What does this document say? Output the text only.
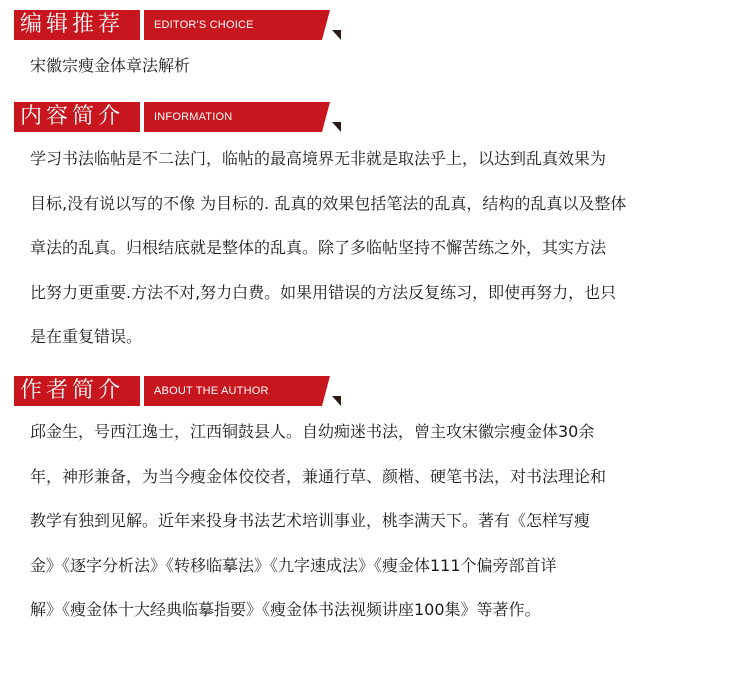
编辑推荐	EDITOR'S CHOICE
宋徽宗瘦金体章法解析
内容简介	INFORMATION
学习书法临帖是不二法门，临帖的最高境界无非就是取法乎上，以达到乱真效果为
目标,没有说以写的不像 为目标的. 乱真的效果包括笔法的乱真，结构的乱真以及整体
章法的乱真。归根结底就是整体的乱真。除了多临帖坚持不懈苦练之外，其实方法
比努力更重要.方法不对,努力白费。如果用错误的方法反复练习，即使再努力，也只
是在重复错误。
作者简介	ABOUT THE AUTHOR
邱金生，号西江逸士，江西铜鼓县人。自幼痴迷书法，曾主攻宋徽宗瘦金体30余
年，神形兼备，为当今瘦金体佼佼者，兼通行草、颜楷、硬笔书法，对书法理论和
教学有独到见解。近年来投身书法艺术培训事业，桃李满天下。著有《怎样写瘦
金》《逐字分析法》《转移临摹法》《九字速成法》《瘦金体111个偏旁部首详
解》《瘦金体十大经典临摹指要》《瘦金体书法视频讲座100集》等著作。
